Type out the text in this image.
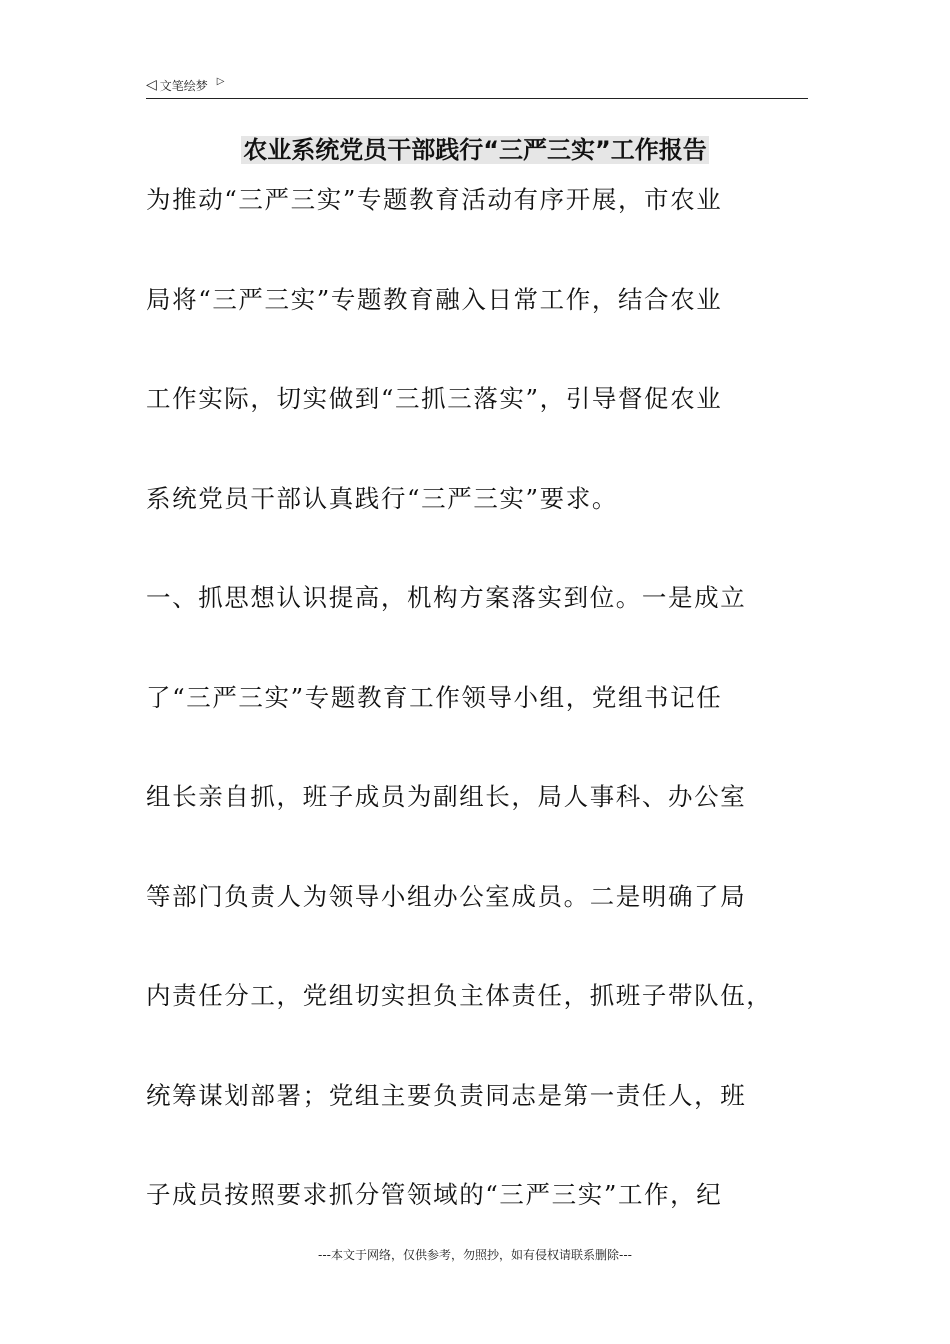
◁ 文笔绘梦 ▷
农业系统党员干部践行“三严三实”工作报告
为推动“三严三实”专题教育活动有序开展，市农业
局将“三严三实”专题教育融入日常工作，结合农业
工作实际，切实做到“三抓三落实”，引导督促农业
系统党员干部认真践行“三严三实”要求。
一、抓思想认识提高，机构方案落实到位。一是成立
了“三严三实”专题教育工作领导小组，党组书记任
组长亲自抓，班子成员为副组长，局人事科、办公室
等部门负责人为领导小组办公室成员。二是明确了局
内责任分工，党组切实担负主体责任，抓班子带队伍，
统筹谋划部署；党组主要负责同志是第一责任人，班
子成员按照要求抓分管领域的“三严三实”工作，纪
---本文于网络，仅供参考，勿照抄，如有侵权请联系删除---
